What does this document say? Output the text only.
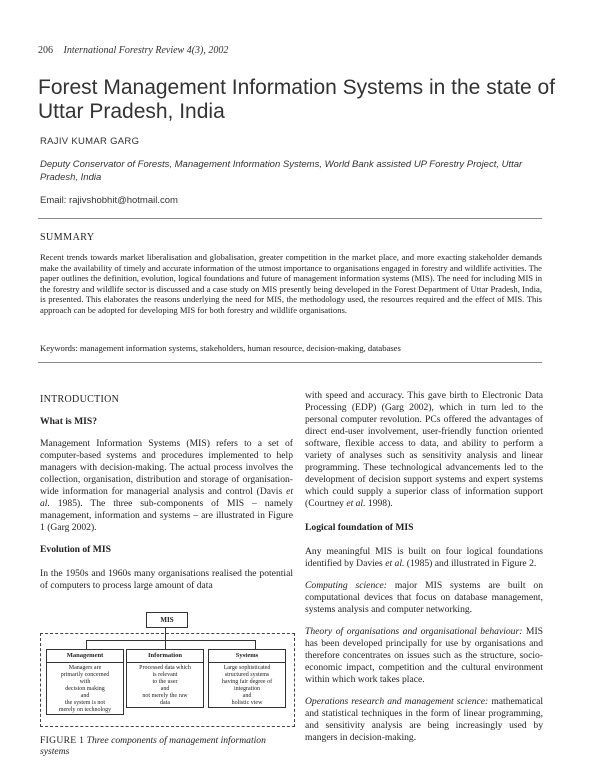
206 International Forestry Review 4(3), 2002
Forest Management Information Systems in the state of Uttar Pradesh, India
RAJIV KUMAR GARG
Deputy Conservator of Forests, Management Information Systems, World Bank assisted UP Forestry Project, Uttar Pradesh, India
Email: rajivshobhit@hotmail.com
SUMMARY
Recent trends towards market liberalisation and globalisation, greater competition in the market place, and more exacting stakeholder demands make the availability of timely and accurate information of the utmost importance to organisations engaged in forestry and wildlife activities. The paper outlines the definition, evolution, logical foundations and future of management information systems (MIS). The need for including MIS in the forestry and wildlife sector is discussed and a case study on MIS presently being developed in the Forest Department of Uttar Pradesh, India, is presented. This elaborates the reasons underlying the need for MIS, the methodology used, the resources required and the effect of MIS. This approach can be adopted for developing MIS for both forestry and wildlife organisations.
Keywords: management information systems, stakeholders, human resource, decision-making, databases

INTRODUCTION

What is MIS?

Management Information Systems (MIS) refers to a set of computer-based systems and procedures implemented to help managers with decision-making. The actual process involves the collection, organisation, distribution and storage of organisation-wide information for managerial analysis and control (Davis et al. 1985). The three sub-components of MIS – namely management, information and systems – are illustrated in Figure 1 (Garg 2002).

Evolution of MIS

In the 1950s and 1960s many organisations realised the potential of computers to process large amount of data

MIS
Management
Managers are
primarily concerned
with
decision making
and
the system is not
merely on technology
Information
Processed data which
is relevant
to the user
and
not merely the raw
data
Systems
Large sophisticated
structured systems
having fair degree of
integration
and
holistic view
FIGURE 1 Three components of management information systems

with speed and accuracy. This gave birth to Electronic Data Processing (EDP) (Garg 2002), which in turn led to the personal computer revolution. PCs offered the advantages of direct end-user involvement, user-friendly function oriented software, flexible access to data, and ability to perform a variety of analyses such as sensitivity analysis and linear programming. These technological advancements led to the development of decision support systems and expert systems which could supply a superior class of information support (Courtney et al. 1998).

Logical foundation of MIS

Any meaningful MIS is built on four logical foundations identified by Davies et al. (1985) and illustrated in Figure 2.

Computing science: major MIS systems are built on computational devices that focus on database management, systems analysis and computer networking.

Theory of organisations and organisational behaviour: MIS has been developed principally for use by organisations and therefore concentrates on issues such as the structure, socio-economic impact, competition and the cultural environment within which work takes place.

Operations research and management science: mathematical and statistical techniques in the form of linear programming, and sensitivity analysis are being increasingly used by mangers in decision-making.
